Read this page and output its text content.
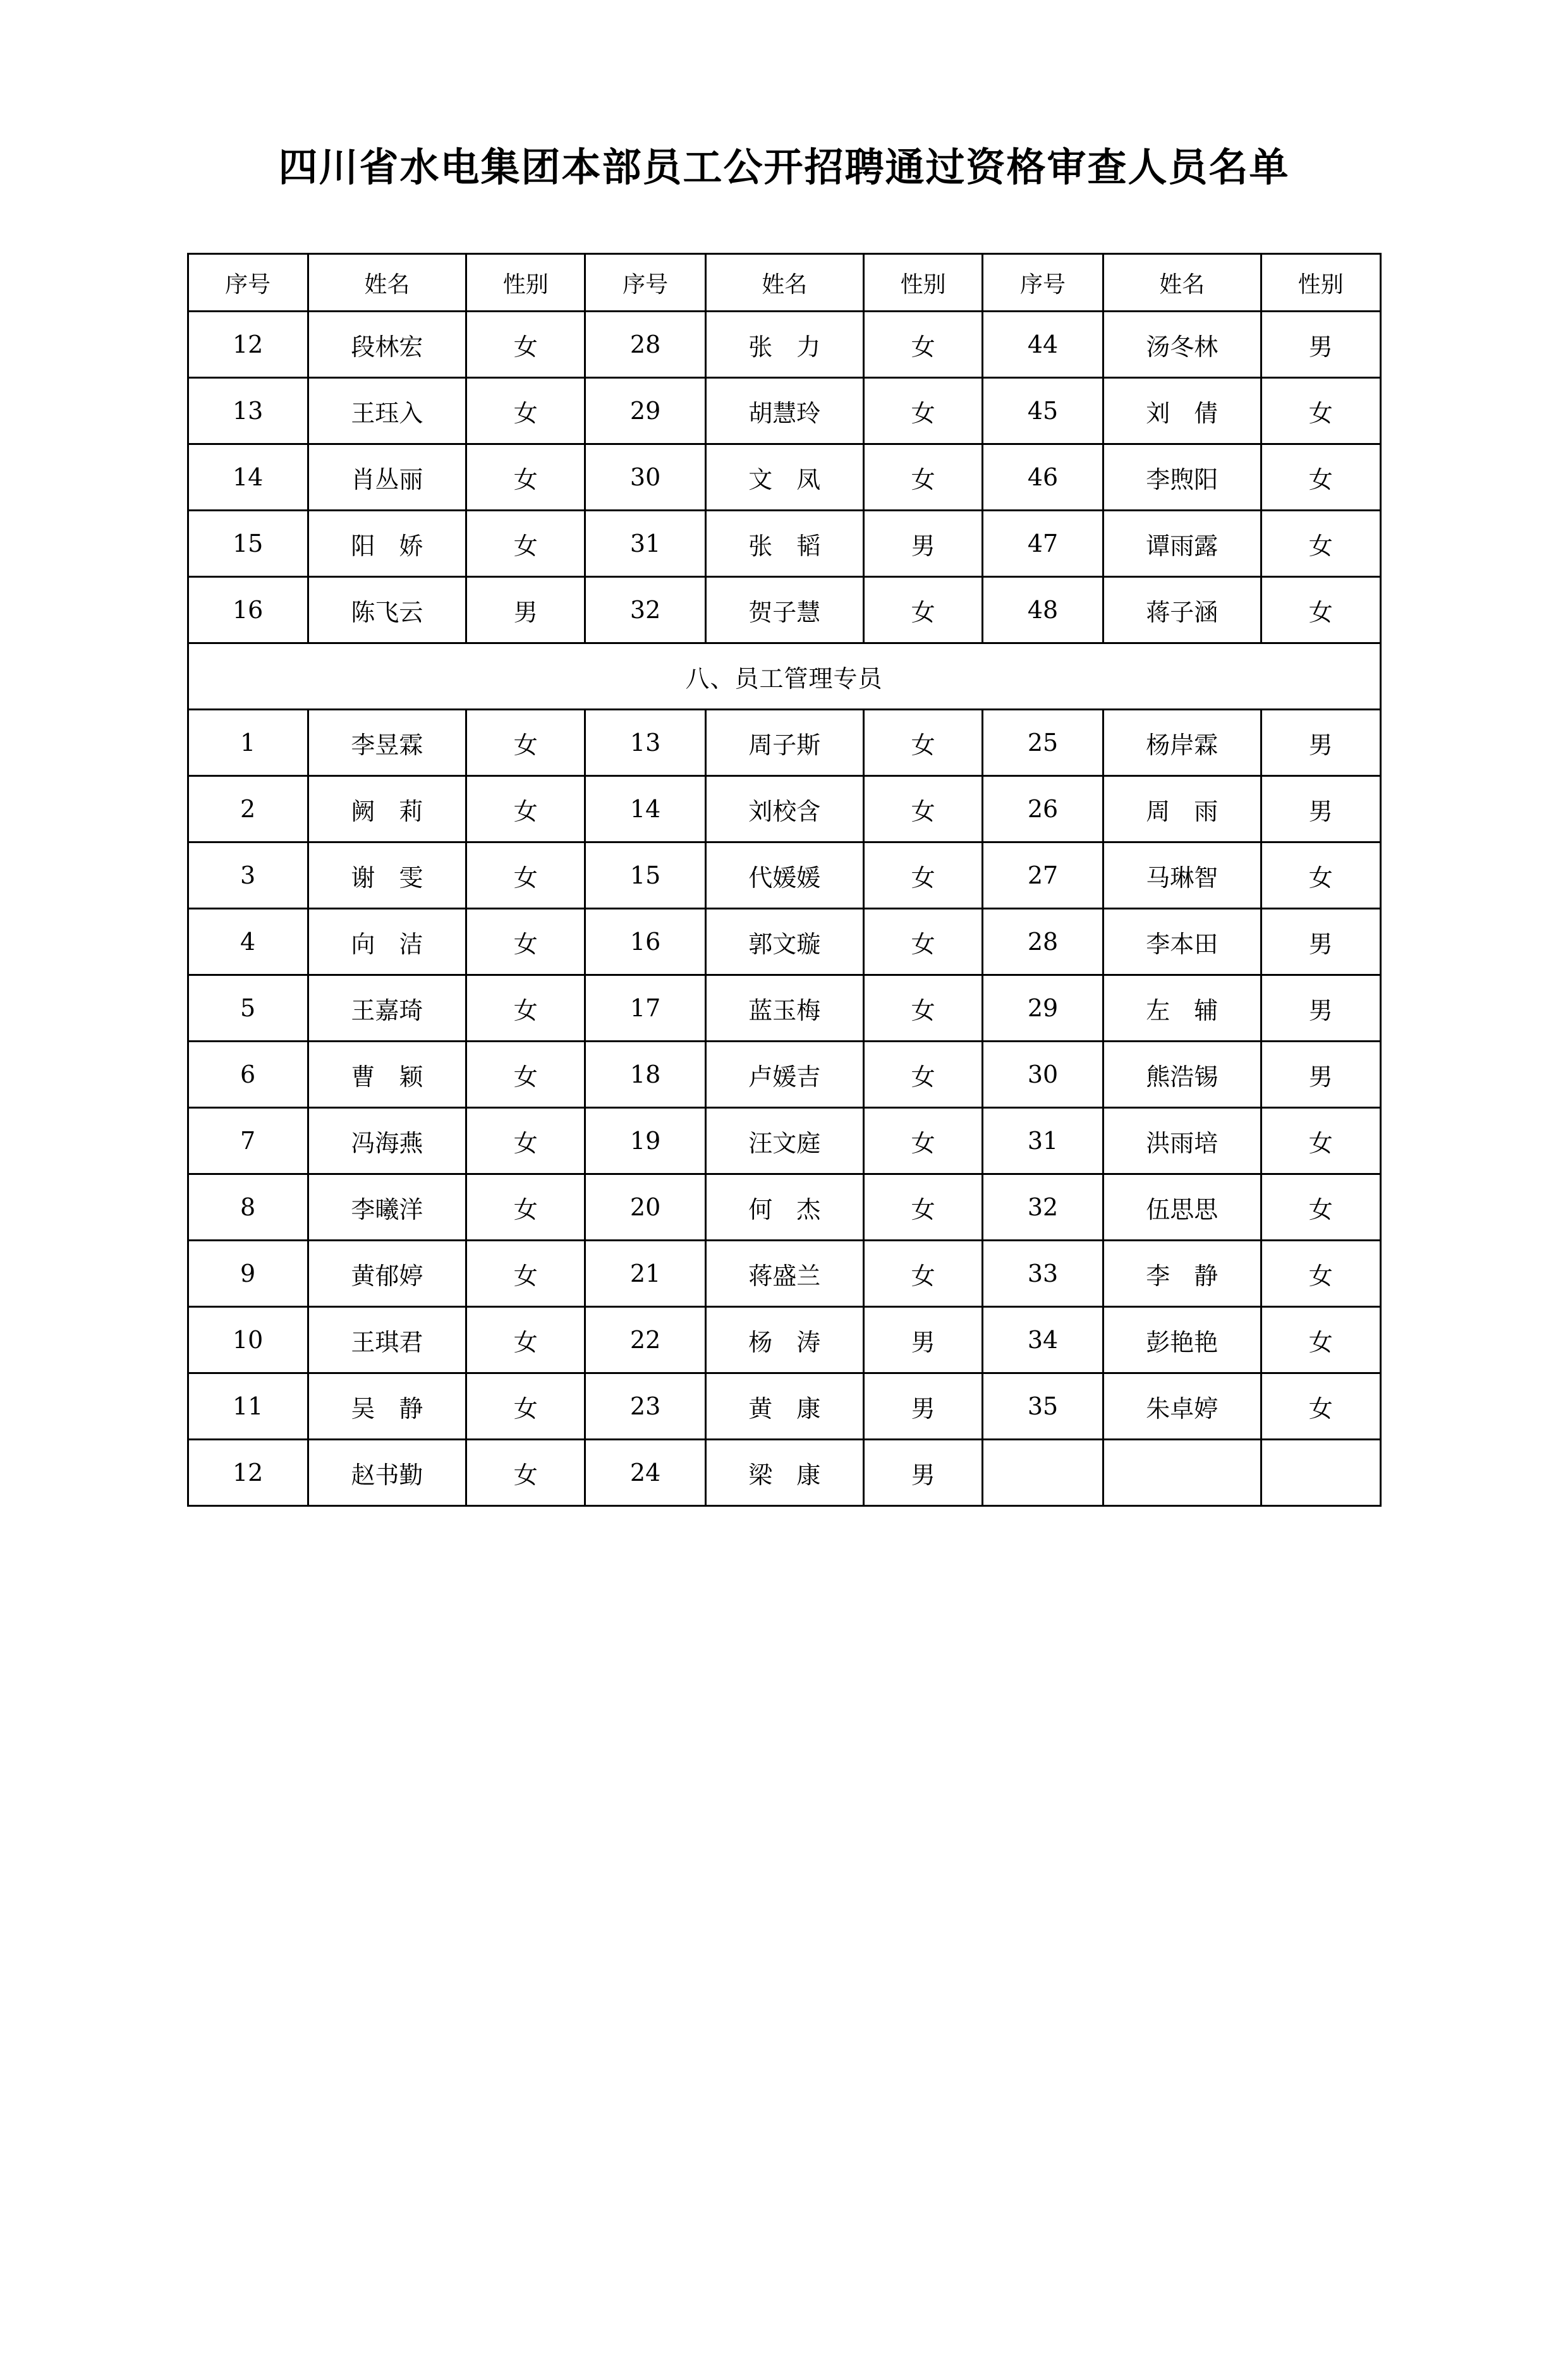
四川省水电集团本部员工公开招聘通过资格审查人员名单
序号	姓名	性别	序号	姓名	性别	序号	姓名	性别
12	段林宏	女	28	张　力	女	44	汤冬林	男
13	王珏入	女	29	胡慧玲	女	45	刘　倩	女
14	肖丛丽	女	30	文　凤	女	46	李煦阳	女
15	阳　娇	女	31	张　韬	男	47	谭雨露	女
16	陈飞云	男	32	贺子慧	女	48	蒋子涵	女
八、员工管理专员								
1	李昱霖	女	13	周子斯	女	25	杨岸霖	男
2	阙　莉	女	14	刘校含	女	26	周　雨	男
3	谢　雯	女	15	代媛媛	女	27	马琳智	女
4	向　洁	女	16	郭文璇	女	28	李本田	男
5	王嘉琦	女	17	蓝玉梅	女	29	左　辅	男
6	曹　颖	女	18	卢媛吉	女	30	熊浩锡	男
7	冯海燕	女	19	汪文庭	女	31	洪雨培	女
8	李曦洋	女	20	何　杰	女	32	伍思思	女
9	黄郁婷	女	21	蒋盛兰	女	33	李　静	女
10	王琪君	女	22	杨　涛	男	34	彭艳艳	女
11	吴　静	女	23	黄　康	男	35	朱卓婷	女
12	赵书勤	女	24	梁　康	男			
